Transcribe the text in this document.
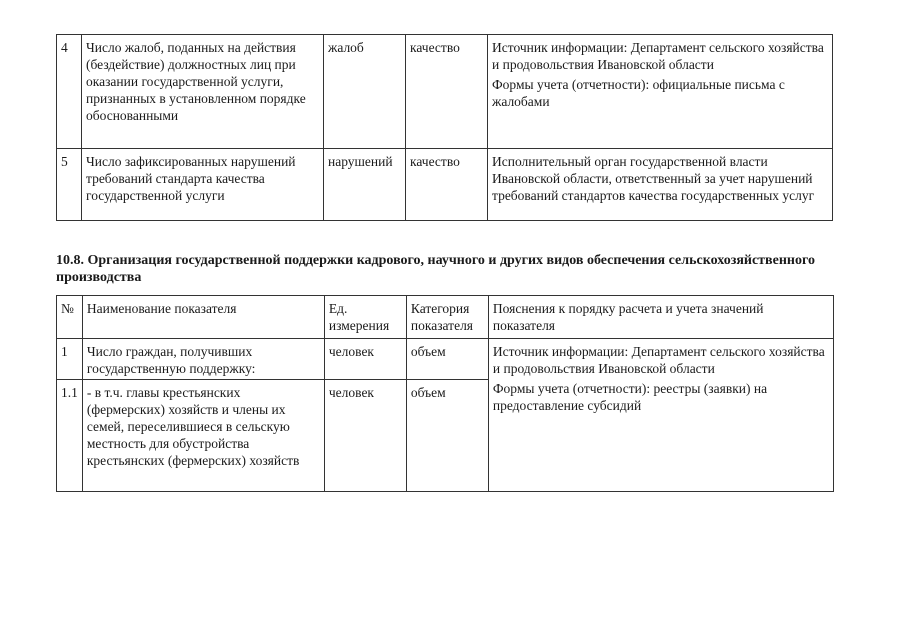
4	Число жалоб, поданных на действия (бездействие) должностных лиц при оказании государственной услуги, признанных в установленном порядке обоснованными	жалоб	качество	Источник информации: Департамент сельского хозяйства и продовольствия Ивановской области

Формы учета (отчетности): официальные письма с жалобами

5	Число зафиксированных нарушений требований стандарта качества государственной услуги	нарушений	качество	Исполнительный орган государственной власти Ивановской области, ответственный за учет нарушений требований стандартов качества государственных услуг

10.8. Организация государственной поддержки кадрового, научного и других видов обеспечения сельскохозяйственного производства
№	Наименование показателя	Ед. измерения	Категория показателя	Пояснения к порядку расчета и учета значений показателя
1	Число граждан, получивших государственную поддержку:	человек	объем	Источник информации: Департамент сельского хозяйства и продовольствия Ивановской области

Формы учета (отчетности): реестры (заявки) на предоставление субсидий

1.1	- в т.ч. главы крестьянских (фермерских) хозяйств и члены их семей, переселившиеся в сельскую местность для обустройства крестьянских (фермерских) хозяйств	человек	объем	
